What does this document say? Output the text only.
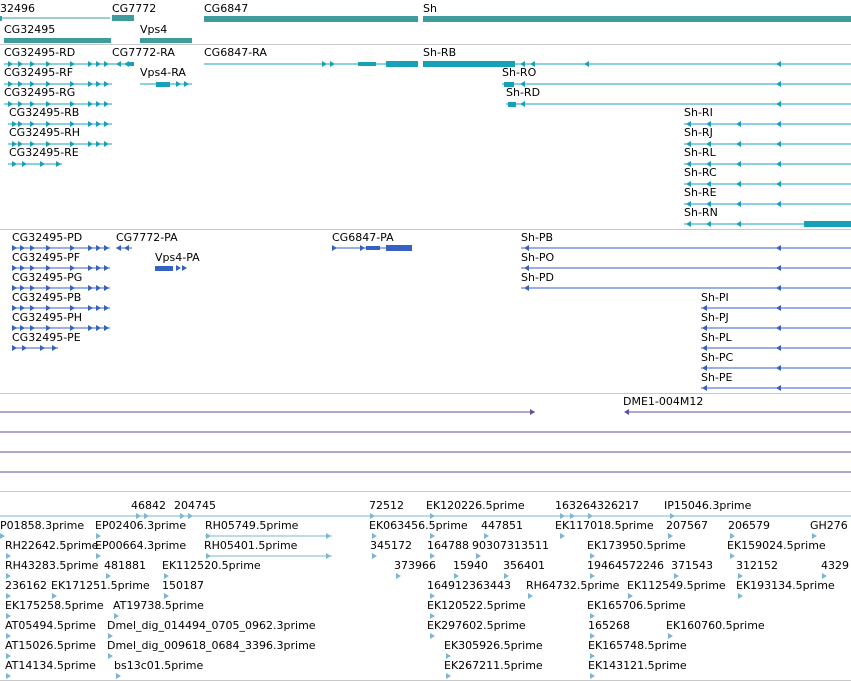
32496	CG7772	CG6847	Sh
CG32495	Vps4
CG32495-RD	CG7772-RA	CG6847-RA	Sh-RB
CG32495-RF	Vps4-RA	Sh-RO
CG32495-RG	Sh-RD
CG32495-RB	Sh-RI
CG32495-RH	Sh-RJ
CG32495-RE	Sh-RL
Sh-RC
Sh-RE
Sh-RN
CG32495-PD	CG7772-PA	CG6847-PA	Sh-PB
CG32495-PF	Vps4-PA	Sh-PO
CG32495-PG	Sh-PD
CG32495-PB	Sh-PI
CG32495-PH	Sh-PJ
CG32495-PE	Sh-PL
Sh-PC
Sh-PE
DME1-004M12
46842 204745	72512 EK120226.5prime	163264326217 IP15046.3prime
P01858.3prime EP02406.3prime RH05749.5prime	EK063456.5prime 447851	EK117018.5prime 207567 206579	GH276
RH22642.5prime
EP00664.3prime RH05401.5prime	345172 164788 90307313511	EK173950.5prime	EK159024.5prime
RH43283.5prime 481881 EK112520.5prime	373966 15940 356401	19464572246 371543 312152	4329
236162 EK171251.5prime 150187	164912363443 RH64732.5prime EK112549.5prime EK193134.5prime
EK175258.5prime AT19738.5prime	EK120522.5prime	EK165706.5prime
AT05494.5prime Dmel_dig_014494_0705_0962.3prime	EK297602.5prime	165268	EK160760.5prime
AT15026.5prime Dmel_dig_009618_0684_3396.3prime	EK305926.5prime	EK165748.5prime
AT14134.5prime bs13c01.5prime	EK267211.5prime	EK143121.5prime
